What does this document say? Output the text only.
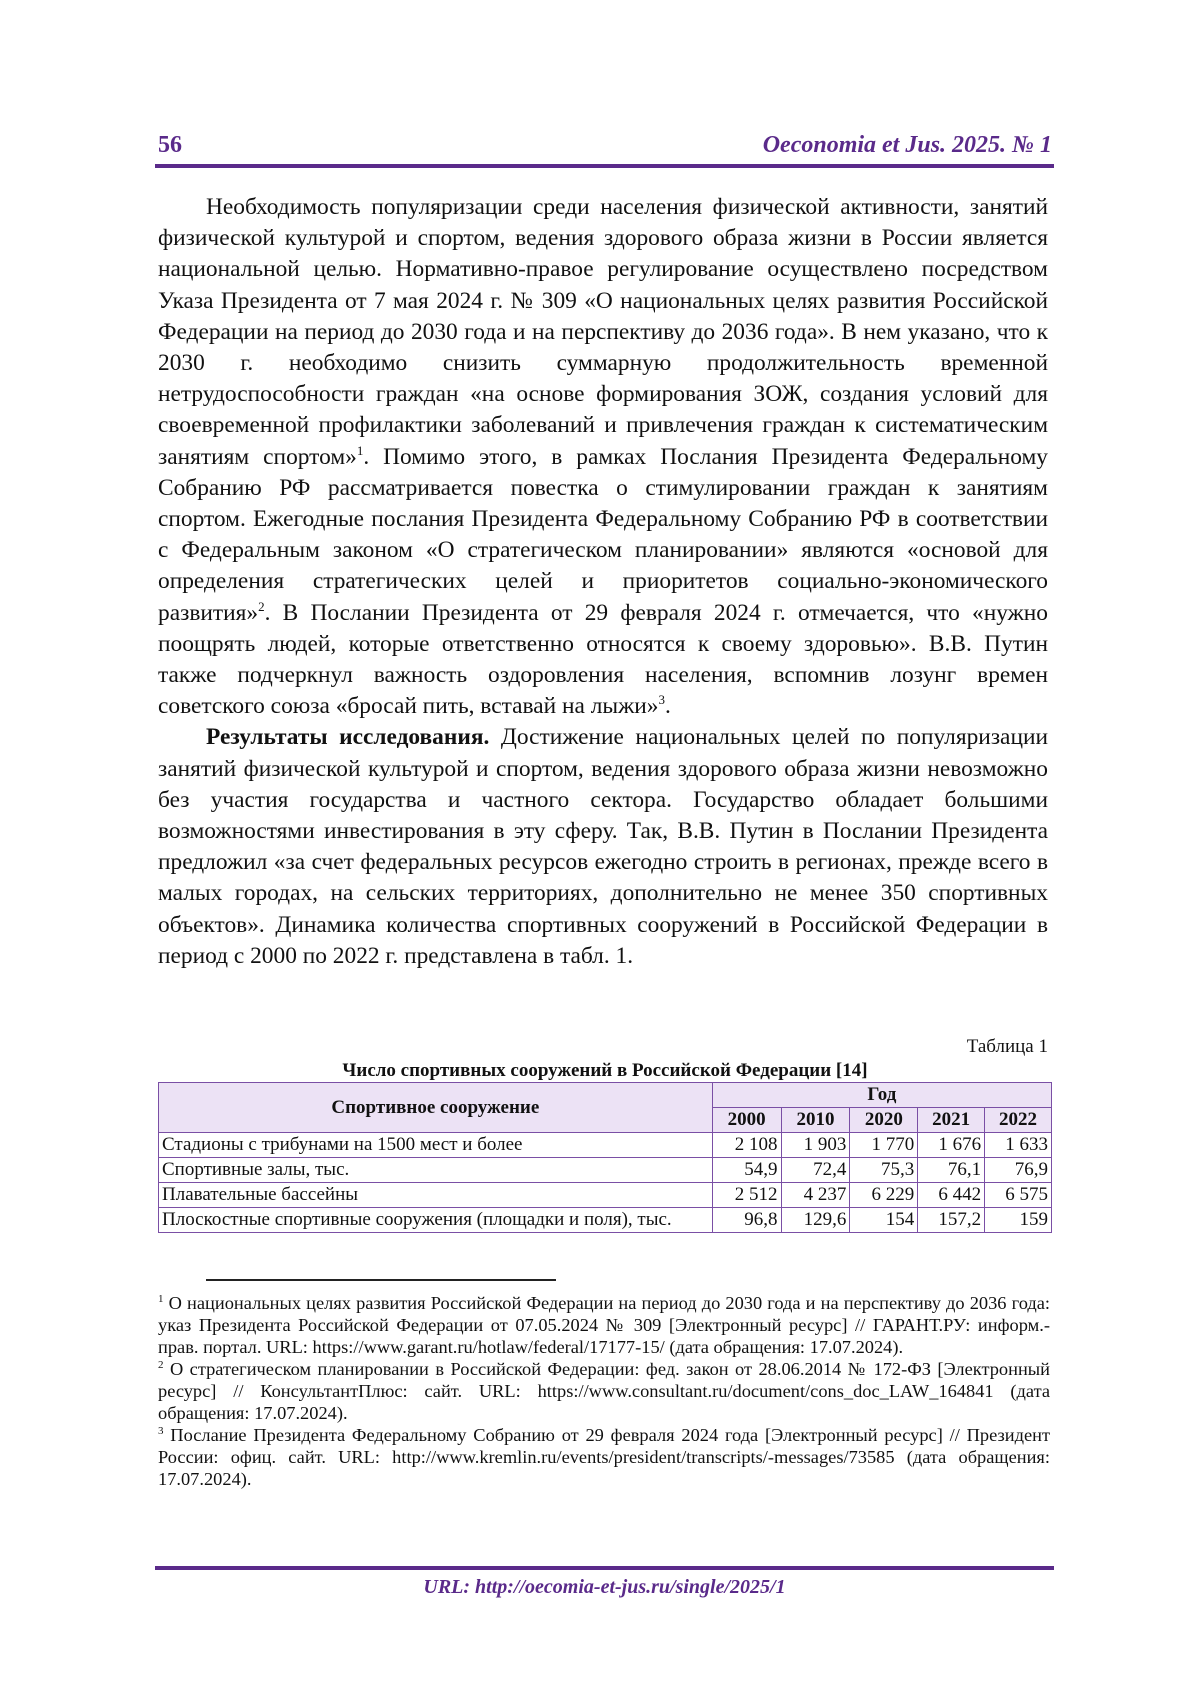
56	Oeconomia et Jus. 2025. № 1

Необходимость популяризации среди населения физической активности, занятий физической культурой и спортом, ведения здорового образа жизни в России является национальной целью. Нормативно-правое регулирование осуществлено посредством Указа Президента от 7 мая 2024 г. № 309 «О национальных целях развития Российской Федерации на период до 2030 года и на перспективу до 2036 года». В нем указано, что к 2030 г. необходимо снизить суммарную продолжительность временной нетрудоспособности граждан «на основе формирования ЗОЖ, создания условий для своевременной профилактики заболеваний и привлечения граждан к систематическим занятиям спортом»$^1$. Помимо этого, в рамках Послания Президента Федеральному Собранию РФ рассматривается повестка о стимулировании граждан к занятиям спортом. Ежегодные послания Президента Федеральному Собранию РФ в соответствии с Федеральным законом «О стратегическом планировании» являются «основой для определения стратегических целей и приоритетов социально-экономического развития»$^2$. В Послании Президента от 29 февраля 2024 г. отмечается, что «нужно поощрять людей, которые ответственно относятся к своему здоровью». В.В. Путин также подчеркнул важность оздоровления населения, вспомнив лозунг времен советского союза «бросай пить, вставай на лыжи»$^3$.

Результаты исследования. Достижение национальных целей по популяризации занятий физической культурой и спортом, ведения здорового образа жизни невозможно без участия государства и частного сектора. Государство обладает большими возможностями инвестирования в эту сферу. Так, В.В. Путин в Послании Президента предложил «за счет федеральных ресурсов ежегодно строить в регионах, прежде всего в малых городах, на сельских территориях, дополнительно не менее 350 спортивных объектов». Динамика количества спортивных сооружений в Российской Федерации в период с 2000 по 2022 г. представлена в табл. 1.

Таблица 1
Число спортивных сооружений в Российской Федерации [14]
Спортивное сооружение	Год				
	2000	2010	2020	2021	2022
Стадионы с трибунами на 1500 мест и более	2 108	1 903	1 770	1 676	1 633
Спортивные залы, тыс.	54,9	72,4	75,3	76,1	76,9
Плавательные бассейны	2 512	4 237	6 229	6 442	6 575
Плоскостные спортивные сооружения (площадки и поля), тыс.	96,8	129,6	154	157,2	159

$^1$ О национальных целях развития Российской Федерации на период до 2030 года и на перспективу до 2036 года: указ Президента Российской Федерации от 07.05.2024 № 309 [Электронный ресурс] // ГАРАНТ.РУ: информ.-прав. портал. URL: https://www.garant.ru/hotlaw/federal/17177-15/ (дата обращения: 17.07.2024).

$^2$ О стратегическом планировании в Российской Федерации: фед. закон от 28.06.2014 № 172-ФЗ [Электронный ресурс] // КонсультантПлюс: сайт. URL: https://www.consultant.ru/document/cons_doc_LAW_164841 (дата обращения: 17.07.2024).

$^3$ Послание Президента Федеральному Собранию от 29 февраля 2024 года [Электронный ресурс] // Президент России: офиц. сайт. URL: http://www.kremlin.ru/events/president/transcripts/-messages/73585 (дата обращения: 17.07.2024).

URL: http://oecomia-et-jus.ru/single/2025/1
